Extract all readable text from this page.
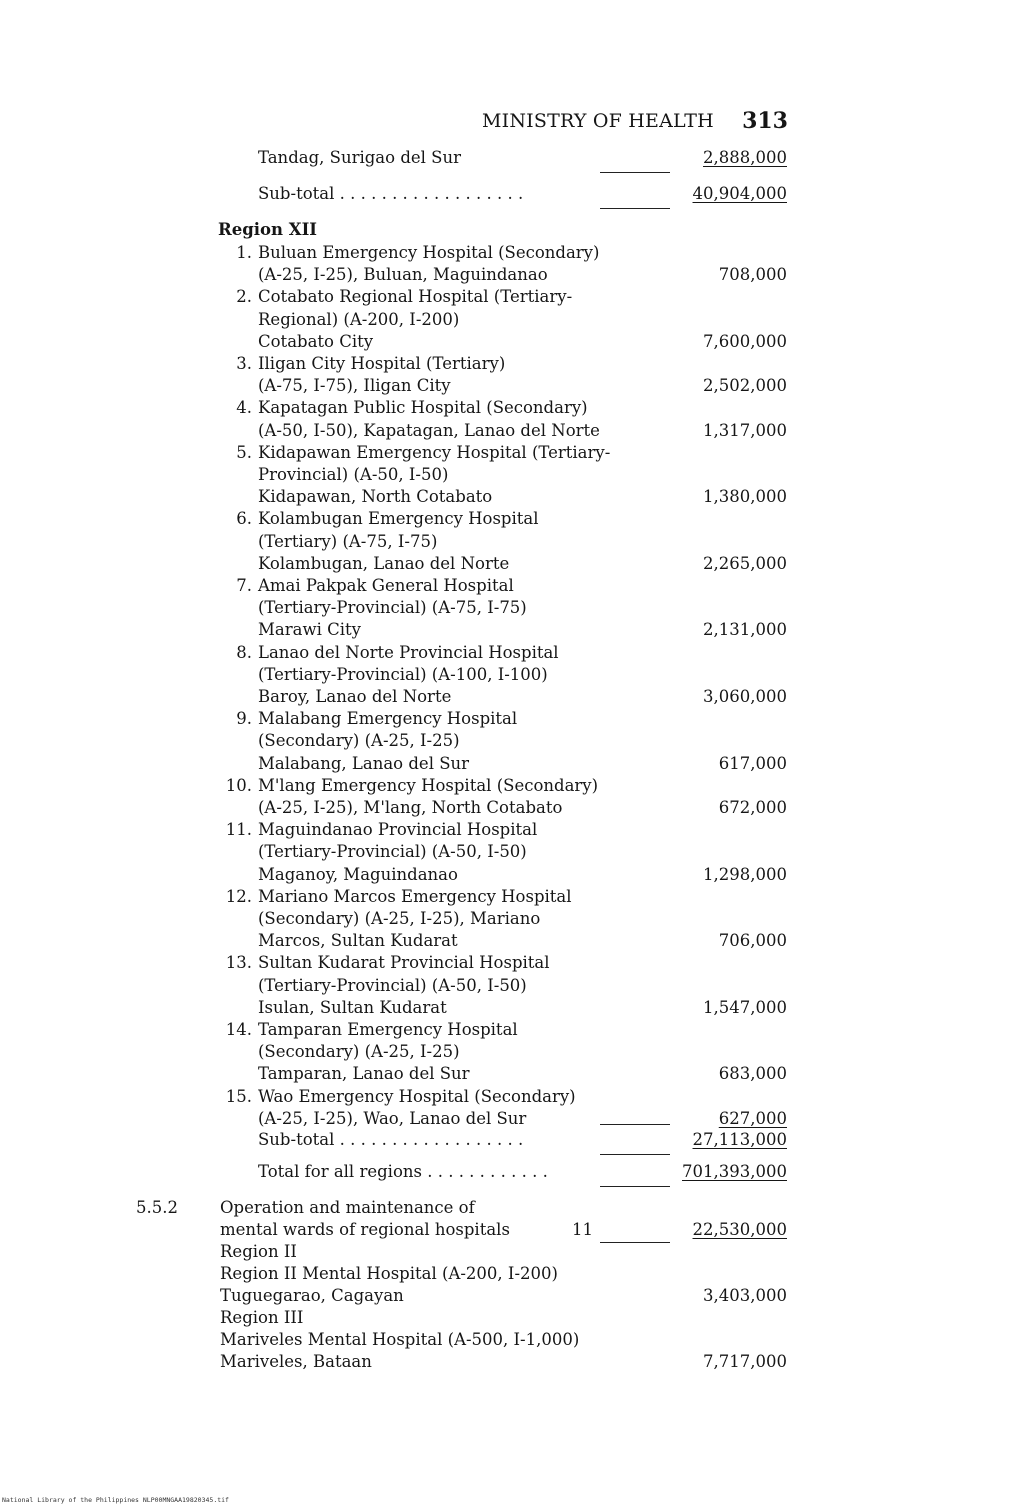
MINISTRY OF HEALTH 313
Tandag, Surigao del Sur	2,888,000
Sub-total . . . . . . . . . . . . . . . . . .	40,904,000
Region XII
1. Buluan Emergency Hospital (Secondary)
(A-25, I-25), Buluan, Maguindanao	708,000
2. Cotabato Regional Hospital (Tertiary-
Regional) (A-200, I-200)
Cotabato City	7,600,000
3. Iligan City Hospital (Tertiary)
(A-75, I-75), Iligan City	2,502,000
4. Kapatagan Public Hospital (Secondary)
(A-50, I-50), Kapatagan, Lanao del Norte	1,317,000
5. Kidapawan Emergency Hospital (Tertiary-
Provincial) (A-50, I-50)
Kidapawan, North Cotabato	1,380,000
6. Kolambugan Emergency Hospital
(Tertiary) (A-75, I-75)
Kolambugan, Lanao del Norte	2,265,000
7. Amai Pakpak General Hospital
(Tertiary-Provincial) (A-75, I-75)
Marawi City	2,131,000
8. Lanao del Norte Provincial Hospital
(Tertiary-Provincial) (A-100, I-100)
Baroy, Lanao del Norte	3,060,000
9. Malabang Emergency Hospital
(Secondary) (A-25, I-25)
Malabang, Lanao del Sur	617,000
10. M'lang Emergency Hospital (Secondary)
(A-25, I-25), M'lang, North Cotabato	672,000
11. Maguindanao Provincial Hospital
(Tertiary-Provincial) (A-50, I-50)
Maganoy, Maguindanao	1,298,000
12. Mariano Marcos Emergency Hospital
(Secondary) (A-25, I-25), Mariano
Marcos, Sultan Kudarat	706,000
13. Sultan Kudarat Provincial Hospital
(Tertiary-Provincial) (A-50, I-50)
Isulan, Sultan Kudarat	1,547,000
14. Tamparan Emergency Hospital
(Secondary) (A-25, I-25)
Tamparan, Lanao del Sur	683,000
15. Wao Emergency Hospital (Secondary)
(A-25, I-25), Wao, Lanao del Sur	627,000
Sub-total . . . . . . . . . . . . . . . . . .	27,113,000
Total for all regions . . . . . . . . . . . .	701,393,000
5.5.2	Operation and maintenance of
mental wards of regional hospitals	11	22,530,000
Region II
Region II Mental Hospital (A-200, I-200)
Tuguegarao, Cagayan	3,403,000
Region III
Mariveles Mental Hospital (A-500, I-1,000)
Mariveles, Bataan	7,717,000
National Library of the Philippines NLP00MNGAA19820345.tif
